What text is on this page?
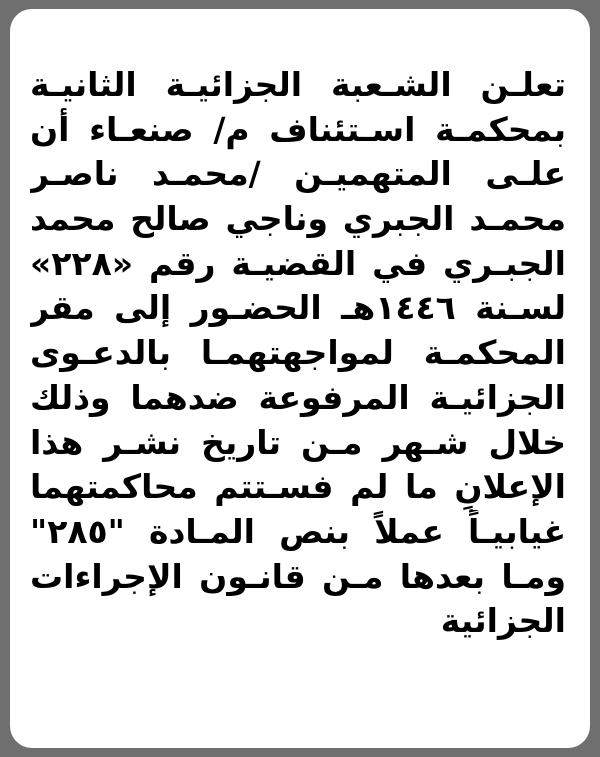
تعلـن الشـعبة الجزائيـة الثانيـة
بمحكمـة اسـتئناف م/ صنعـاء أن
علـى المتهميـن /محمـد ناصـر
محمـد الجبري وناجي صالح محمد
الجبـري في القضيـة رقم «٢٢٨»
لسـنة ١٤٤٦هـ الحضـور إلى مقر
المحكمـة لمواجهتهمـا بالدعـوى
الجزائيـة المرفوعة ضدهما وذلك
خلال شـهر مـن تاريخ نشـر هذا
الإعلانٍ ما لم فسـتتم محاكمتهما
غيابيـاً عملاً بنص المـادة "٢٨٥"
ومـا بعدها مـن قانـون الإجراءات
الجزائية
